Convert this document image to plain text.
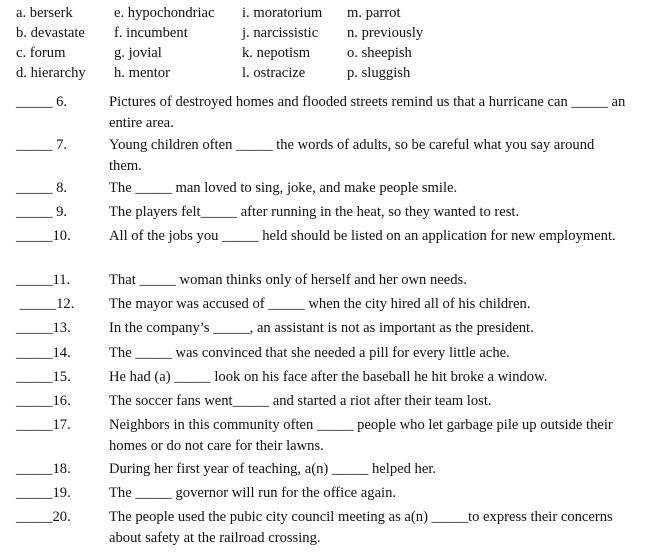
a. berserk	e. hypochondriac i. moratorium m. parrot
b. devastate f. incumbent	j. narcissistic n. previously
c. forum	g. jovial	k. nepotism	o. sheepish
d. hierarchy h. mentor	l. ostracize	p. sluggish
_____ 6.	Pictures of destroyed homes and flooded streets remind us that a hurricane can _____ an entire area.
_____ 7.	Young children often _____ the words of adults, so be careful what you say around them.
_____ 8.	The _____ man loved to sing, joke, and make people smile.
_____ 9.	The players felt_____ after running in the heat, so they wanted to rest.
_____10.	All of the jobs you _____ held should be listed on an application for new employment.
_____11.	That _____ woman thinks only of herself and her own needs.
_____12. The mayor was accused of _____ when the city hired all of his children.
_____13.	In the company’s _____, an assistant is not as important as the president.
_____14.	The _____ was convinced that she needed a pill for every little ache.
_____15.	He had (a) _____ look on his face after the baseball he hit broke a window.
_____16.	The soccer fans went_____ and started a riot after their team lost.
_____17.	Neighbors in this community often _____ people who let garbage pile up outside their homes or do not care for their lawns.
_____18.	During her first year of teaching, a(n) _____ helped her.
_____19.	The _____ governor will run for the office again.
_____20.	The people used the pubic city council meeting as a(n) _____to express their concerns about safety at the railroad crossing.
